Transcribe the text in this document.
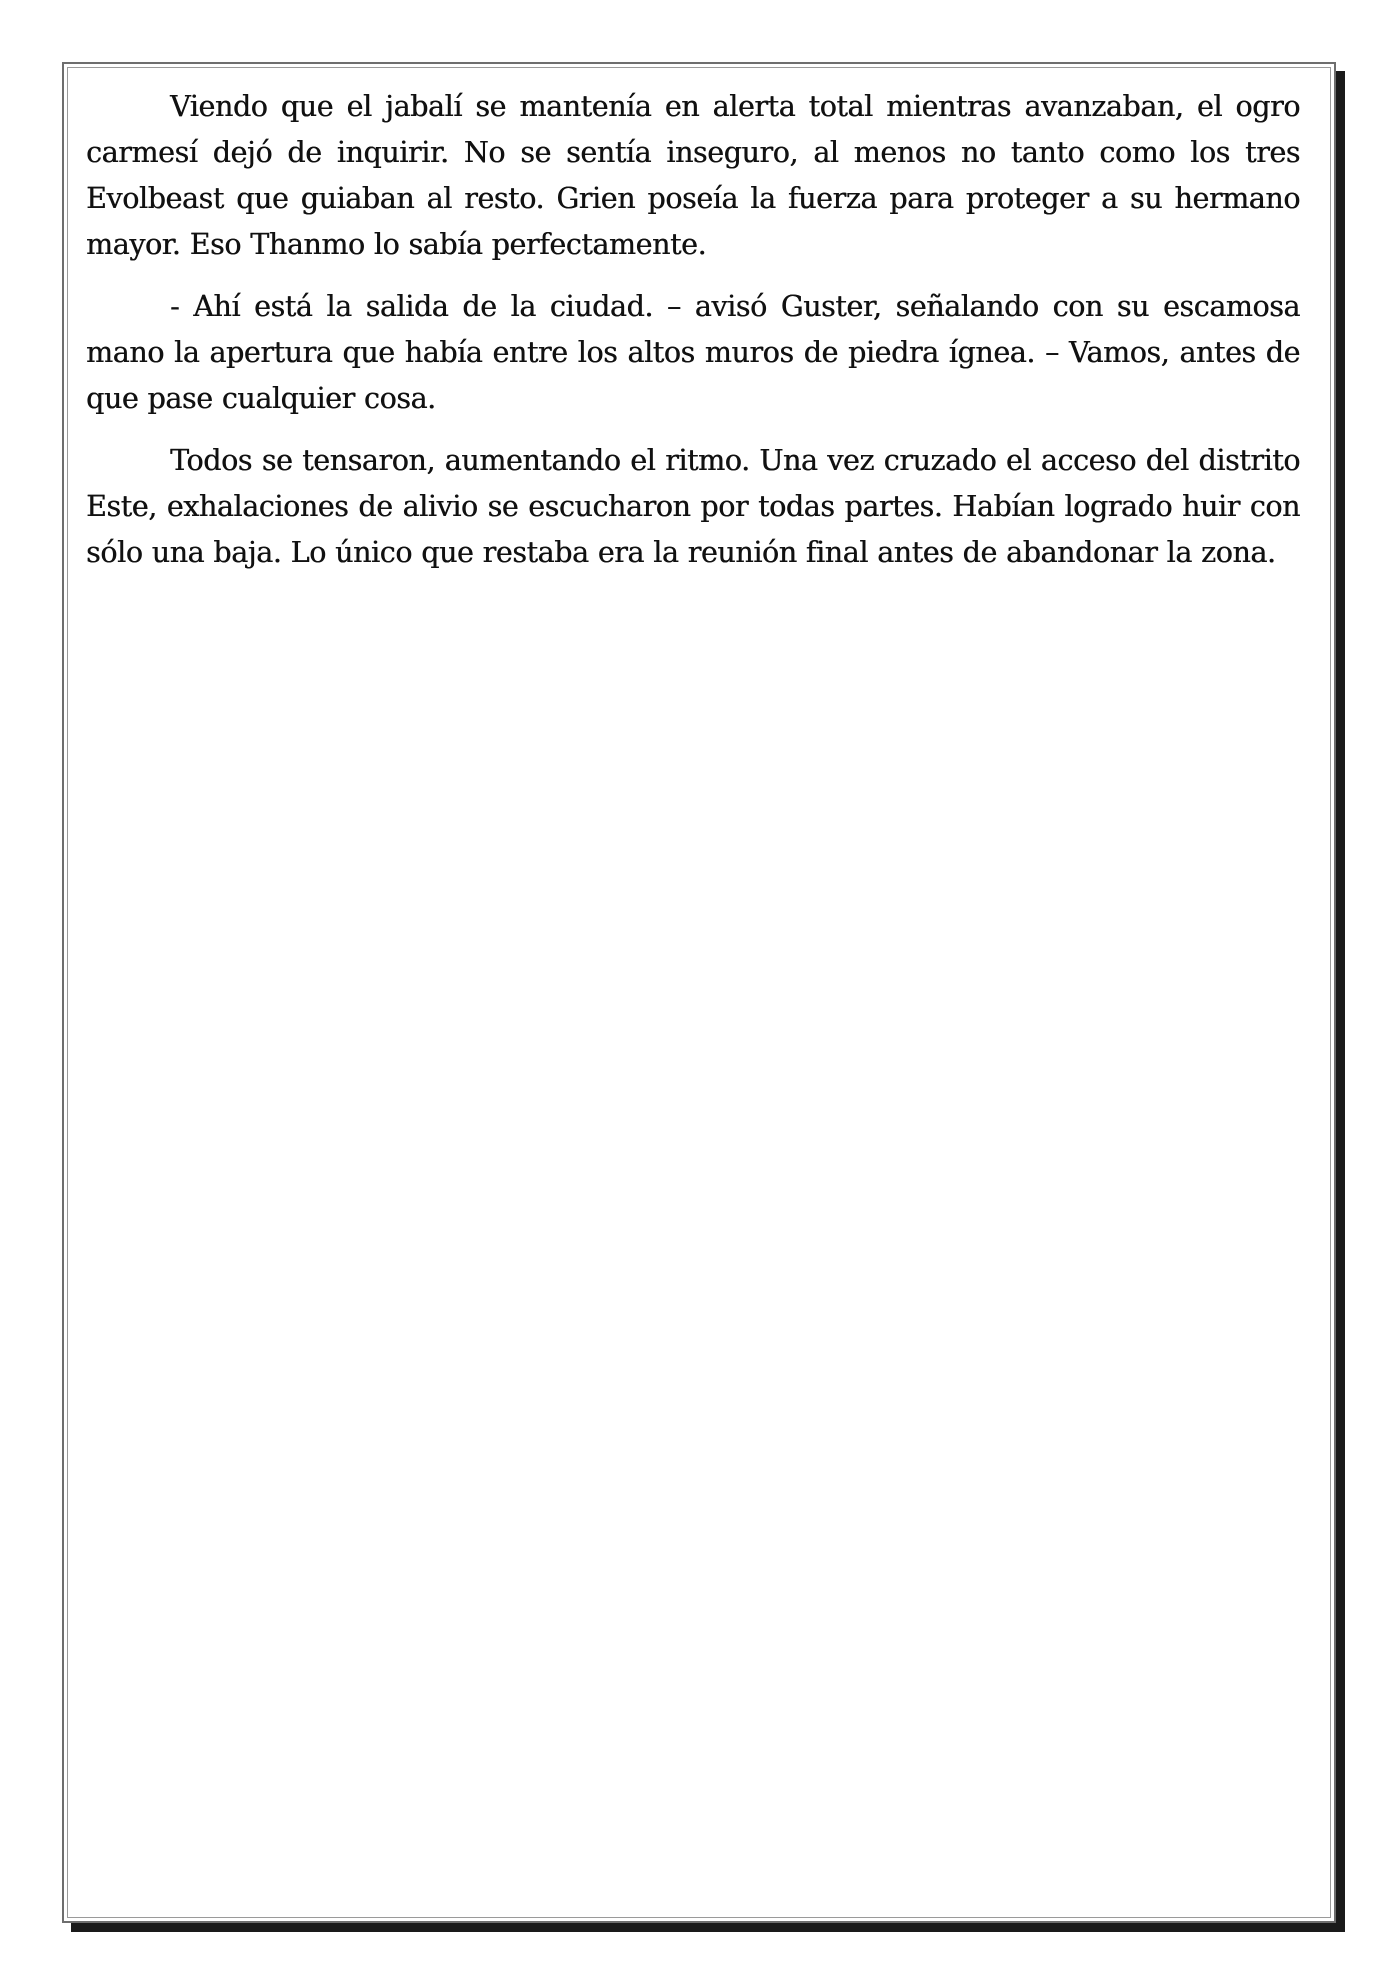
Viendo que el jabalí se mantenía en alerta total mientras avanzaban, el ogro carmesí dejó de inquirir. No se sentía inseguro, al menos no tanto como los tres Evolbeast que guiaban al resto. Grien poseía la fuerza para proteger a su hermano mayor. Eso Thanmo lo sabía perfectamente.

- Ahí está la salida de la ciudad. – avisó Guster, señalando con su escamosa mano la apertura que había entre los altos muros de piedra ígnea. – Vamos, antes de que pase cualquier cosa.

Todos se tensaron, aumentando el ritmo. Una vez cruzado el acceso del distrito Este, exhalaciones de alivio se escucharon por todas partes. Habían logrado huir con sólo una baja. Lo único que restaba era la reunión final antes de abandonar la zona.
